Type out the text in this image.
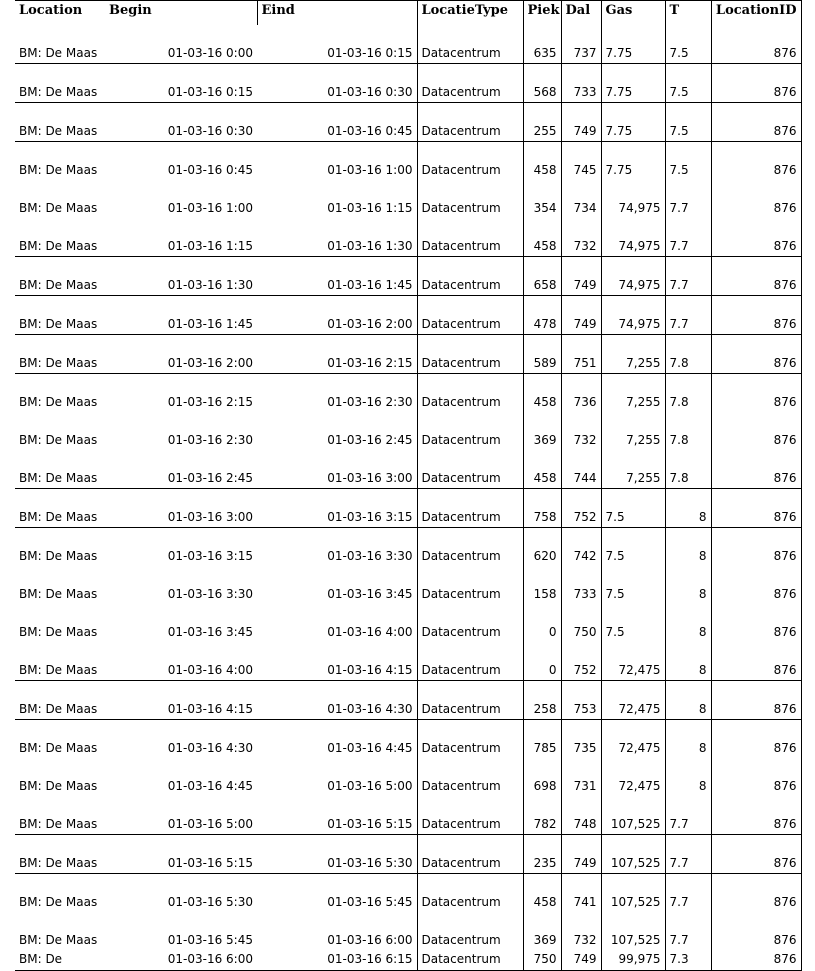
Location	Begin	Eind	LocatieType	Piek	Dal	Gas	T	LocationID
BM: De Maas	01-03-16 0:00	01-03-16 0:15	Datacentrum	635	737	7.75	7.5	876
BM: De Maas	01-03-16 0:15	01-03-16 0:30	Datacentrum	568	733	7.75	7.5	876
BM: De Maas	01-03-16 0:30	01-03-16 0:45	Datacentrum	255	749	7.75	7.5	876
BM: De Maas	01-03-16 0:45	01-03-16 1:00	Datacentrum	458	745	7.75	7.5	876
BM: De Maas	01-03-16 1:00	01-03-16 1:15	Datacentrum	354	734	74,975	7.7	876
BM: De Maas	01-03-16 1:15	01-03-16 1:30	Datacentrum	458	732	74,975	7.7	876
BM: De Maas	01-03-16 1:30	01-03-16 1:45	Datacentrum	658	749	74,975	7.7	876
BM: De Maas	01-03-16 1:45	01-03-16 2:00	Datacentrum	478	749	74,975	7.7	876
BM: De Maas	01-03-16 2:00	01-03-16 2:15	Datacentrum	589	751	7,255	7.8	876
BM: De Maas	01-03-16 2:15	01-03-16 2:30	Datacentrum	458	736	7,255	7.8	876
BM: De Maas	01-03-16 2:30	01-03-16 2:45	Datacentrum	369	732	7,255	7.8	876
BM: De Maas	01-03-16 2:45	01-03-16 3:00	Datacentrum	458	744	7,255	7.8	876
BM: De Maas	01-03-16 3:00	01-03-16 3:15	Datacentrum	758	752	7.5	8	876
BM: De Maas	01-03-16 3:15	01-03-16 3:30	Datacentrum	620	742	7.5	8	876
BM: De Maas	01-03-16 3:30	01-03-16 3:45	Datacentrum	158	733	7.5	8	876
BM: De Maas	01-03-16 3:45	01-03-16 4:00	Datacentrum	0	750	7.5	8	876
BM: De Maas	01-03-16 4:00	01-03-16 4:15	Datacentrum	0	752	72,475	8	876
BM: De Maas	01-03-16 4:15	01-03-16 4:30	Datacentrum	258	753	72,475	8	876
BM: De Maas	01-03-16 4:30	01-03-16 4:45	Datacentrum	785	735	72,475	8	876
BM: De Maas	01-03-16 4:45	01-03-16 5:00	Datacentrum	698	731	72,475	8	876
BM: De Maas	01-03-16 5:00	01-03-16 5:15	Datacentrum	782	748	107,525	7.7	876
BM: De Maas	01-03-16 5:15	01-03-16 5:30	Datacentrum	235	749	107,525	7.7	876
BM: De Maas	01-03-16 5:30	01-03-16 5:45	Datacentrum	458	741	107,525	7.7	876
BM: De Maas	01-03-16 5:45	01-03-16 6:00	Datacentrum	369	732	107,525	7.7	876
BM: De	01-03-16 6:00	01-03-16 6:15	Datacentrum	750	749	99,975	7.3	876
